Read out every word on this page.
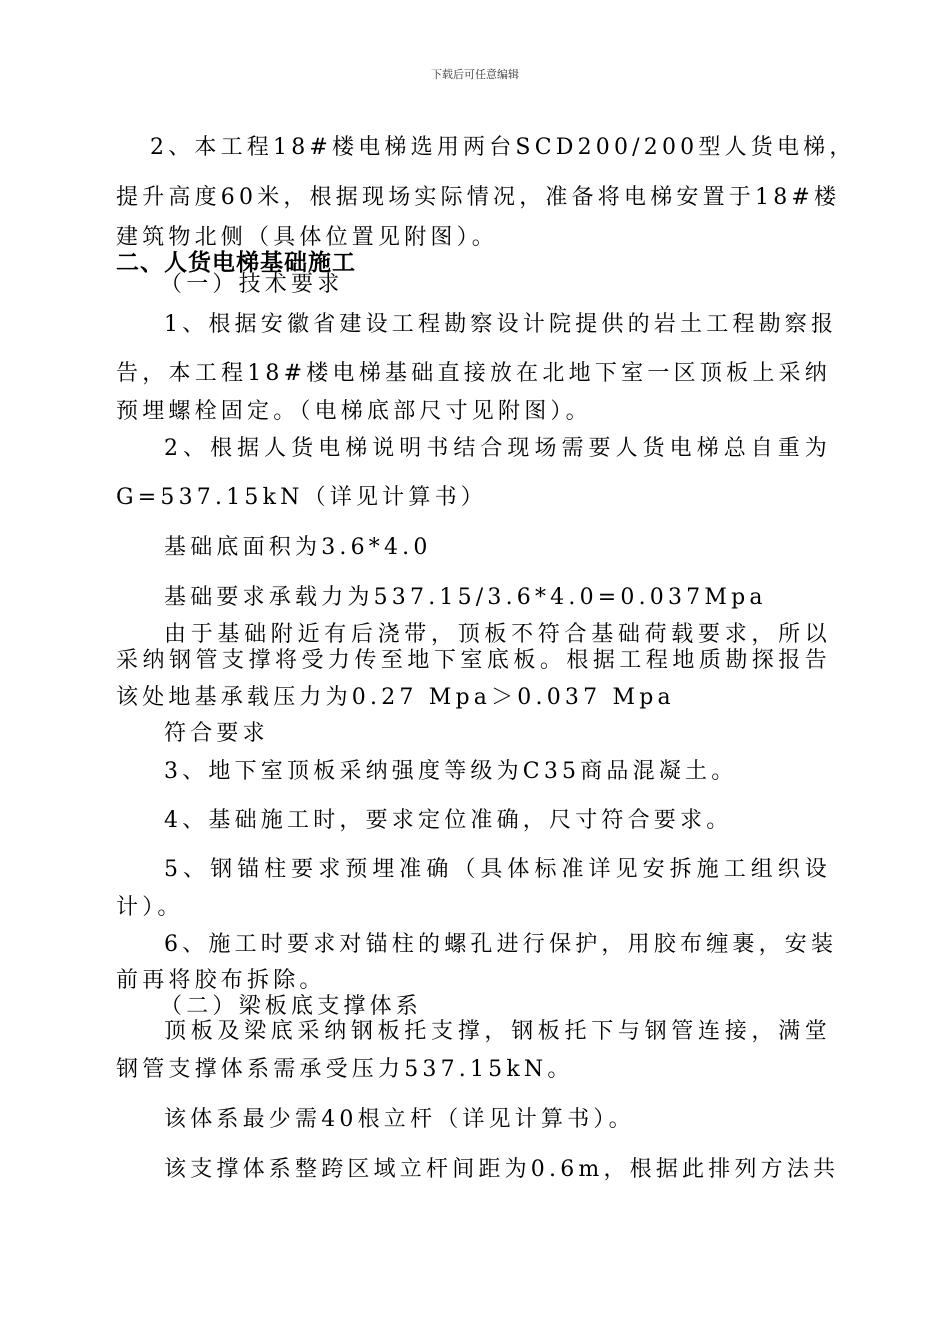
下载后可任意编辑

2、本工程18#楼电梯选用两台SCD200/200型人货电梯，

提升高度60米，根据现场实际情况，准备将电梯安置于18#楼

建筑物北侧（具体位置见附图）。

二、人货电梯基础施工

（一）技术要求

1、根据安徽省建设工程勘察设计院提供的岩土工程勘察报

告，本工程18#楼电梯基础直接放在北地下室一区顶板上采纳

预埋螺栓固定。（电梯底部尺寸见附图）。

2、根据人货电梯说明书结合现场需要人货电梯总自重为

G=537.15kN（详见计算书）

基础底面积为3.6*4.0

基础要求承载力为537.15/3.6*4.0=0.037Mpa

由于基础附近有后浇带，顶板不符合基础荷载要求，所以

采纳钢管支撑将受力传至地下室底板。根据工程地质勘探报告

该处地基承载压力为0.27 Mpa＞0.037 Mpa

符合要求

3、地下室顶板采纳强度等级为C35商品混凝土。

4、基础施工时，要求定位准确，尺寸符合要求。

5、钢锚柱要求预埋准确（具体标准详见安拆施工组织设

计）。

6、施工时要求对锚柱的螺孔进行保护，用胶布缠裹，安装

前再将胶布拆除。

（二）梁板底支撑体系

顶板及梁底采纳钢板托支撑，钢板托下与钢管连接，满堂

钢管支撑体系需承受压力537.15kN。

该体系最少需40根立杆（详见计算书）。

该支撑体系整跨区域立杆间距为0.6m，根据此排列方法共
